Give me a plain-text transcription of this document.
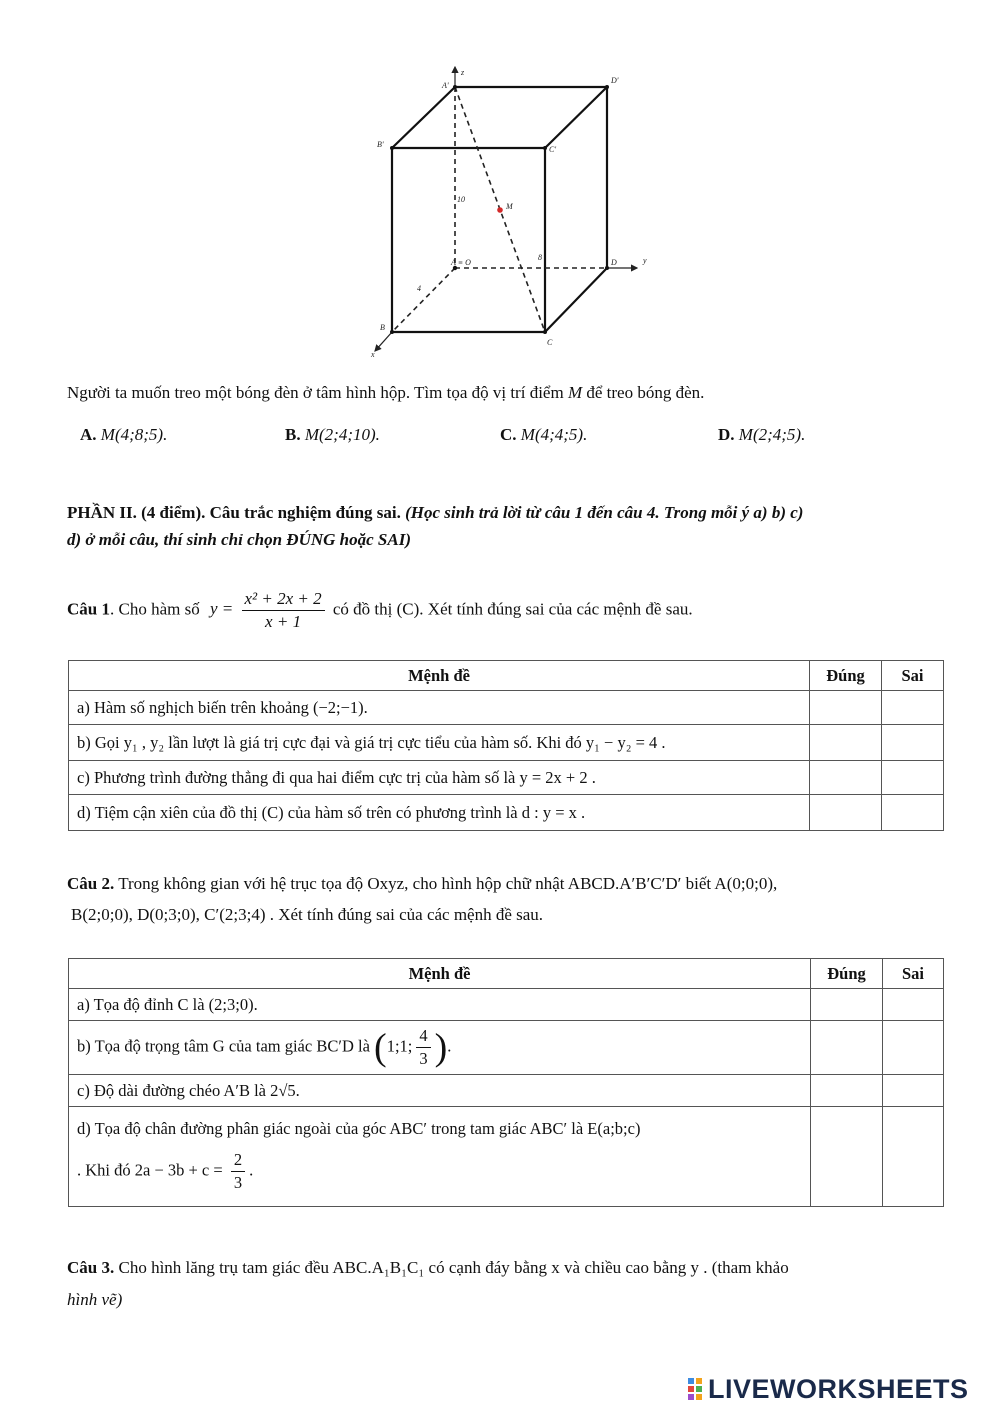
z
A'
D'
B'
C'
10
M
A ≡ O
8
D	y
4
B
C
x
Người ta muốn treo một bóng đèn ở tâm hình hộp. Tìm tọa độ vị trí điểm M để treo bóng đèn.
A. M(4;8;5).	B. M(2;4;10).	C. M(4;4;5).	D. M(2;4;5).
PHẦN II. (4 điểm). Câu trắc nghiệm đúng sai. (Học sinh trả lời từ câu 1 đến câu 4. Trong mỗi ý a) b) c)
d) ở mỗi câu, thí sinh chỉ chọn ĐÚNG hoặc SAI)
Câu 1. Cho hàm số $y = \frac{\text{x² + 2x + 2}}{x + 1}$ có đồ thị (C). Xét tính đúng sai của các mệnh đề sau.
Mệnh đề	Đúng	Sai
a) Hàm số nghịch biến trên khoảng (−2;−1).		
b) Gọi y₁ , y₂ lần lượt là giá trị cực đại và giá trị cực tiểu của hàm số. Khi đó y₁ − y₂ = 4 .		
c) Phương trình đường thẳng đi qua hai điểm cực trị của hàm số là y = 2x + 2 .		
d) Tiệm cận xiên của đồ thị (C) của hàm số trên có phương trình là d : y = x .		
Câu 2. Trong không gian với hệ trục tọa độ Oxyz, cho hình hộp chữ nhật ABCD.A′B′C′D′ biết A(0;0;0),
B(2;0;0), D(0;3;0), C′(2;3;4) . Xét tính đúng sai của các mệnh đề sau.
Mệnh đề	Đúng	Sai
a) Tọa độ đỉnh C là (2;3;0).		
b) Tọa độ trọng tâm G của tam giác BC′D là (1;1; $\frac{4}{3}$ ).		
c) Độ dài đường chéo A′B là 2√5.		

d) Tọa độ chân đường phân giác ngoài của góc ABC′ trong tam giác ABC′ là E(a;b;c)
. Khi đó $2a - 3b + c = \frac{2}{3}$ .		

Câu 3. Cho hình lăng trụ tam giác đều ABC.A₁B₁C₁ có cạnh đáy bằng x và chiều cao bằng y . (tham khảo
hình vẽ)
LIVEWORKSHEETS
